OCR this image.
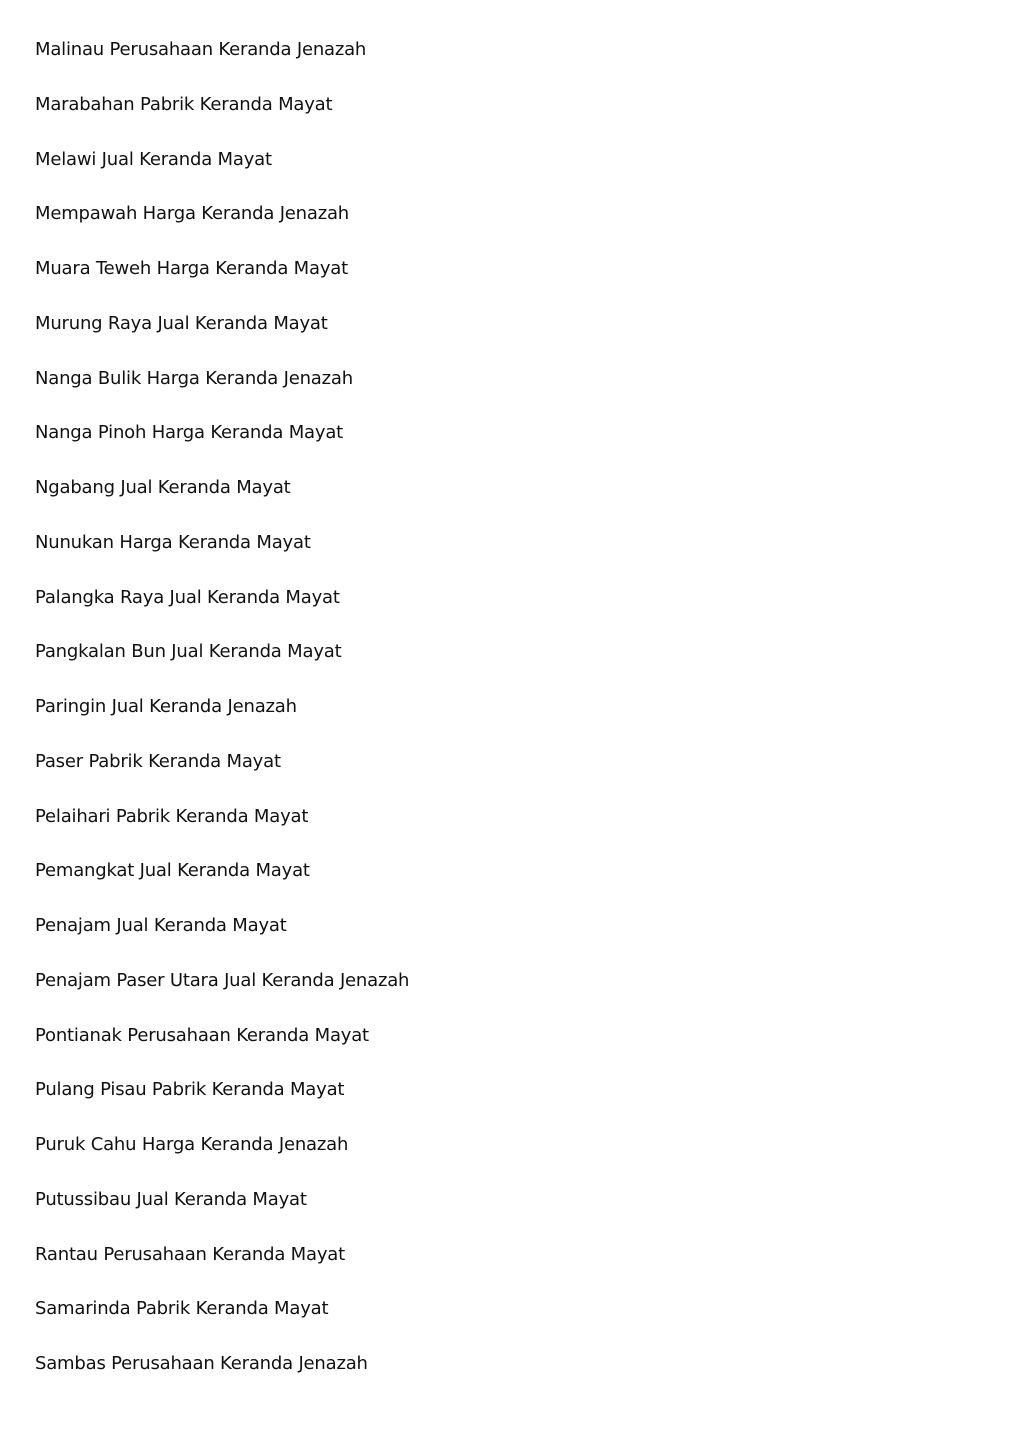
Malinau Perusahaan Keranda Jenazah
Marabahan Pabrik Keranda Mayat
Melawi Jual Keranda Mayat
Mempawah Harga Keranda Jenazah
Muara Teweh Harga Keranda Mayat
Murung Raya Jual Keranda Mayat
Nanga Bulik Harga Keranda Jenazah
Nanga Pinoh Harga Keranda Mayat
Ngabang Jual Keranda Mayat
Nunukan Harga Keranda Mayat
Palangka Raya Jual Keranda Mayat
Pangkalan Bun Jual Keranda Mayat
Paringin Jual Keranda Jenazah
Paser Pabrik Keranda Mayat
Pelaihari Pabrik Keranda Mayat
Pemangkat Jual Keranda Mayat
Penajam Jual Keranda Mayat
Penajam Paser Utara Jual Keranda Jenazah
Pontianak Perusahaan Keranda Mayat
Pulang Pisau Pabrik Keranda Mayat
Puruk Cahu Harga Keranda Jenazah
Putussibau Jual Keranda Mayat
Rantau Perusahaan Keranda Mayat
Samarinda Pabrik Keranda Mayat
Sambas Perusahaan Keranda Jenazah
